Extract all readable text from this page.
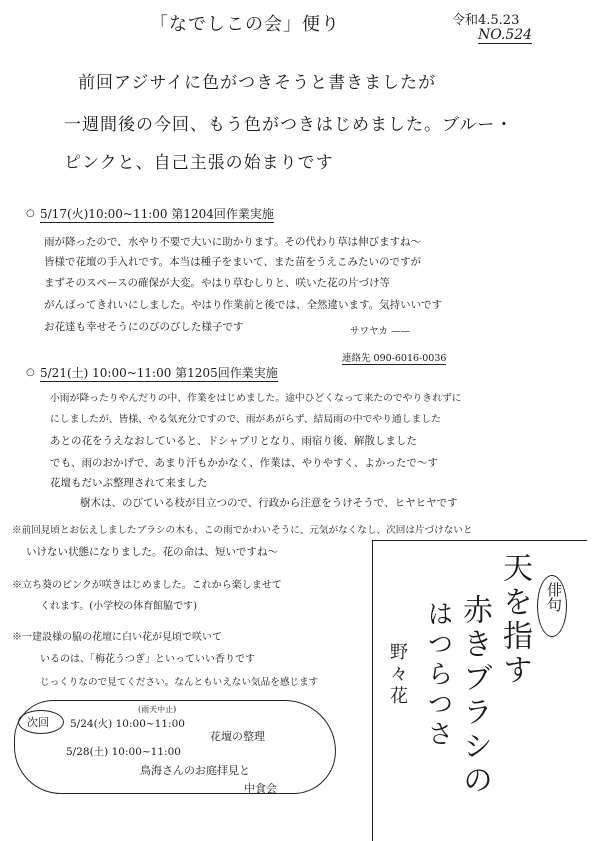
「なでしこの会」便り	令和4.5.23
NO.524
前回アジサイに色がつきそうと書きましたが
一週間後の今回、もう色がつきはじめました。ブルー・
ピンクと、自己主張の始まりです
○ 5/17(火)10:00~11:00 第1204回作業実施
雨が降ったので、水やり不要で大いに助かります。その代わり草は伸びますね～
皆様で花壇の手入れです。本当は種子をまいて、また苗をうえこみたいのですが
まずそのスペースの確保が大変。やはり草むしりと、咲いた花の片づけ等
がんばってきれいにしました。やはり作業前と後では、全然違います。気持いいです
お花達も幸せそうにのびのびした様子です	サワヤカ ——
連絡先 090-6016-0036
○ 5/21(土) 10:00~11:00 第1205回作業実施
小雨が降ったりやんだりの中、作業をはじめました。途中ひどくなって来たのでやりきれずに
にしましたが、皆様、やる気充分ですので、雨があがらず、結局雨の中でやり通しました
あとの花をうえなおしていると、ドシャブリとなり、雨宿り後、解散しました
でも、雨のおかげで、あまり汗もかかなく、作業は、やりやすく、よかったで～す
花壇もだいぶ整理されて来ました
樹木は、のびている枝が目立つので、行政から注意をうけそうで、ヒヤヒヤです
※前回見頃とお伝えしましたブラシの木も、この雨でかわいそうに、元気がなくなし、次回は片づけないと
いけない状態になりました。花の命は、短いですね～
※立ち葵のピンクが咲きはじめました。これから楽しませて
くれます。(小学校の体育館脇です)
※一建設様の脇の花壇に白い花が見頃で咲いて
いるのは、「梅花うつぎ」といっていい香りです
じっくりなので見てください。なんともいえない気品を感じます
次回
(雨天中止)
5/24(火) 10:00~11:00
花壇の整理
5/28(土) 10:00~11:00
鳥海さんのお庭拝見と
中食会
俳句
天を指す
赤きブラシの
野々花 はつらつさ
